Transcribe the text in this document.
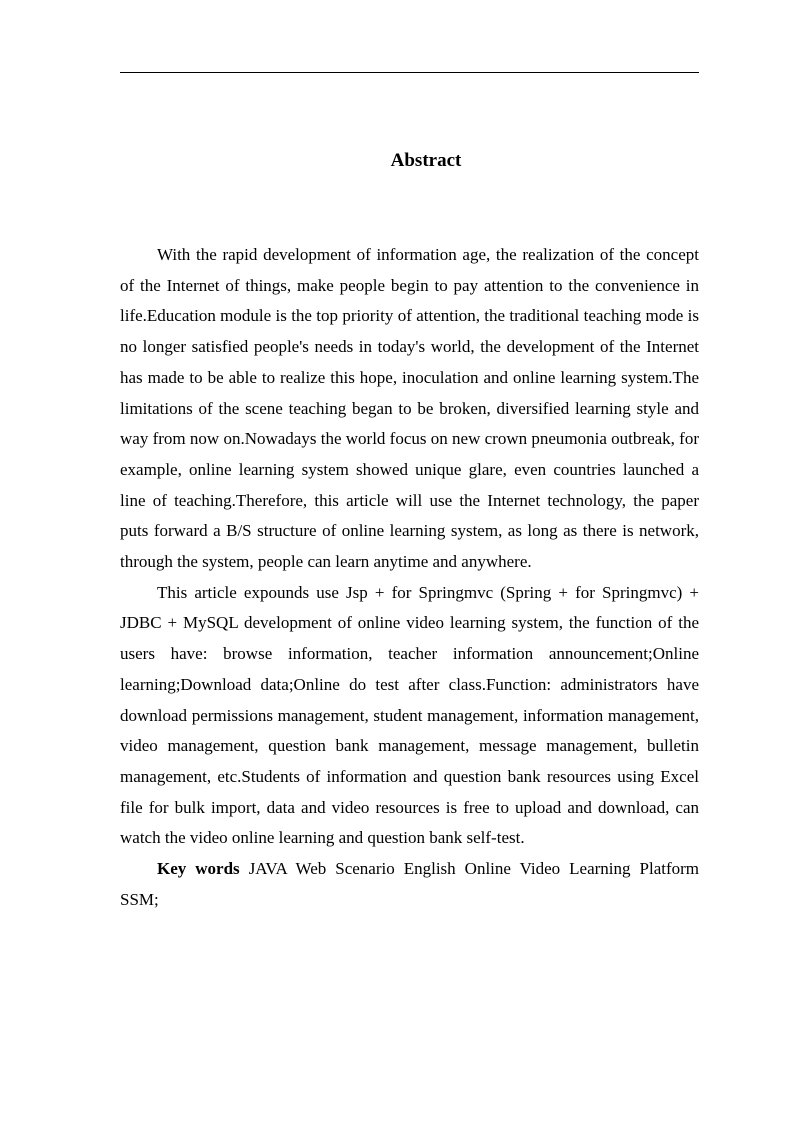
Abstract

With the rapid development of information age, the realization of the concept of the Internet of things, make people begin to pay attention to the convenience in life.Education module is the top priority of attention, the traditional teaching mode is no longer satisfied people's needs in today's world, the development of the Internet has made to be able to realize this hope, inoculation and online learning system.The limitations of the scene teaching began to be broken, diversified learning style and way from now on.Nowadays the world focus on new crown pneumonia outbreak, for example, online learning system showed unique glare, even countries launched a line of teaching.Therefore, this article will use the Internet technology, the paper puts forward a B/S structure of online learning system, as long as there is network, through the system, people can learn anytime and anywhere.

This article expounds use Jsp + for Springmvc (Spring + for Springmvc) + JDBC + MySQL development of online video learning system, the function of the users have: browse information, teacher information announcement;Online learning;Download data;Online do test after class.Function: administrators have download permissions management, student management, information management, video management, question bank management, message management, bulletin management, etc.Students of information and question bank resources using Excel file for bulk import, data and video resources is free to upload and download, can watch the video online learning and question bank self-test.

Key words JAVA Web Scenario English Online Video Learning Platform SSM;
